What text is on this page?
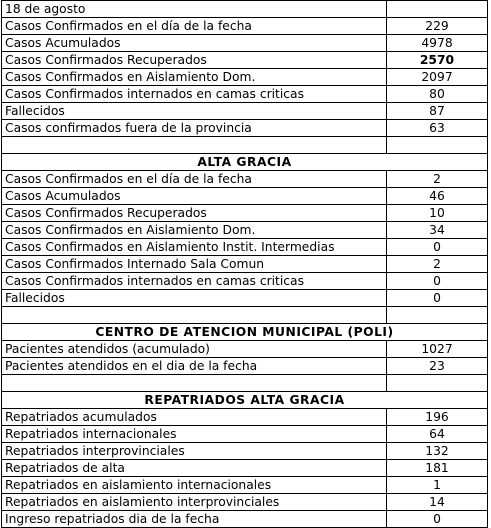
18 de agosto	
Casos Confirmados en el día de la fecha	229
Casos Acumulados	4978
Casos Confirmados Recuperados	2570
Casos Confirmados en Aislamiento Dom.	2097
Casos Confirmados internados en camas criticas	80
Fallecidos	87
Casos confirmados fuera de la provincia	63

ALTA GRACIA	
Casos Confirmados en el día de la fecha	2
Casos Acumulados	46
Casos Confirmados Recuperados	10
Casos Confirmados en Aislamiento Dom.	34
Casos Confirmados en Aislamiento Instit. Intermedias	0
Casos Confirmados Internado Sala Comun	2
Casos Confirmados internados en camas criticas	0
Fallecidos	0

CENTRO DE ATENCION MUNICIPAL (POLI)	
Pacientes atendidos (acumulado)	1027
Pacientes atendidos en el dia de la fecha	23

REPATRIADOS ALTA GRACIA	
Repatriados acumulados	196
Repatriados internacionales	64
Repatriados interprovinciales	132
Repatriados de alta	181
Repatriados en aislamiento internacionales	1
Repatriados en aislamiento interprovinciales	14
Ingreso repatriados dia de la fecha	0
